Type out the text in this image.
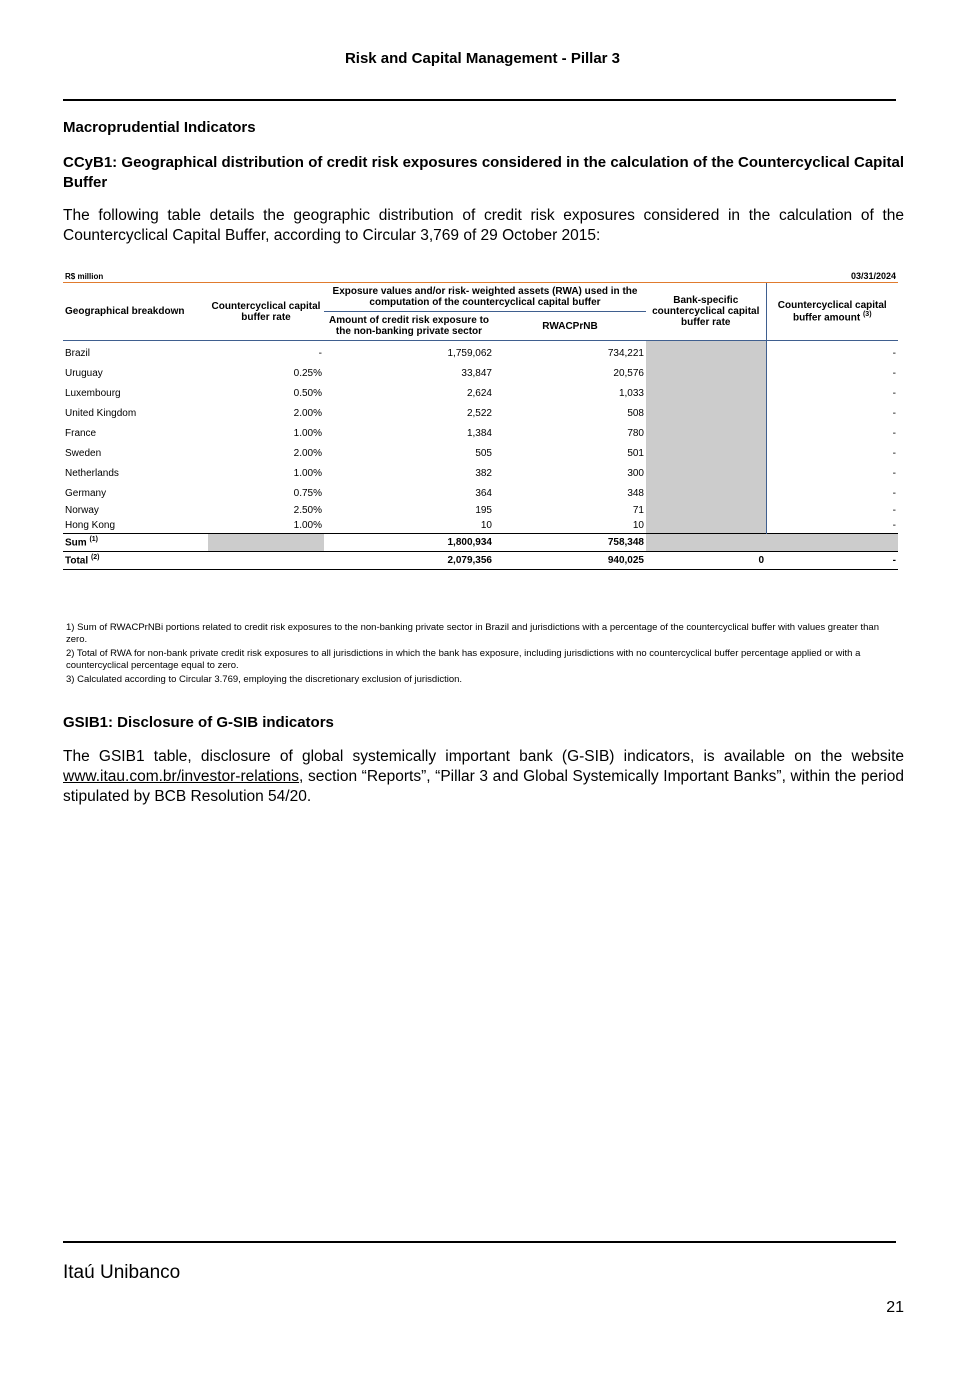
Risk and Capital Management - Pillar 3
Macroprudential Indicators
CCyB1: Geographical distribution of credit risk exposures considered in the calculation of the Countercyclical Capital Buffer
The following table details the geographic distribution of credit risk exposures considered in the calculation of the Countercyclical Capital Buffer, according to Circular 3,769 of 29 October 2015:
R$ million			03/31/2024		
Geographical breakdown	Countercyclical capital buffer rate	Exposure values and/or risk- weighted assets (RWA) used in the computation of the countercyclical capital buffer		Bank-specific countercyclical capital buffer rate	Countercyclical capital buffer amount $^{(3)}$
		Amount of credit risk exposure to the non-banking private sector	RWACPrNB		

Brazil	-	1,759,062	734,221		-
Uruguay	0.25%	33,847	20,576		-
Luxembourg	0.50%	2,624	1,033		-
United Kingdom	2.00%	2,522	508		-
France	1.00%	1,384	780		-
Sweden	2.00%	505	501		-
Netherlands	1.00%	382	300		-
Germany	0.75%	364	348		-
Norway	2.50%	195	71		-
Hong Kong	1.00%	10	10		-
Sum $^{(1)}$		1,800,934	758,348		
Total $^{(2)}$		2,079,356	940,025	0	-

1) Sum of RWACPrNBi portions related to credit risk exposures to the non-banking private sector in Brazil and jurisdictions with a percentage of the countercyclical buffer with values greater than zero.

2) Total of RWA for non-bank private credit risk exposures to all jurisdictions in which the bank has exposure, including jurisdictions with no countercyclical buffer percentage applied or with a countercyclical percentage equal to zero.

3) Calculated according to Circular 3.769, employing the discretionary exclusion of jurisdiction.

GSIB1: Disclosure of G-SIB indicators
The GSIB1 table, disclosure of global systemically important bank (G-SIB) indicators, is available on the website www.itau.com.br/investor-relations, section “Reports”, “Pillar 3 and Global Systemically Important Banks”, within the period stipulated by BCB Resolution 54/20.
Itaú Unibanco
21
